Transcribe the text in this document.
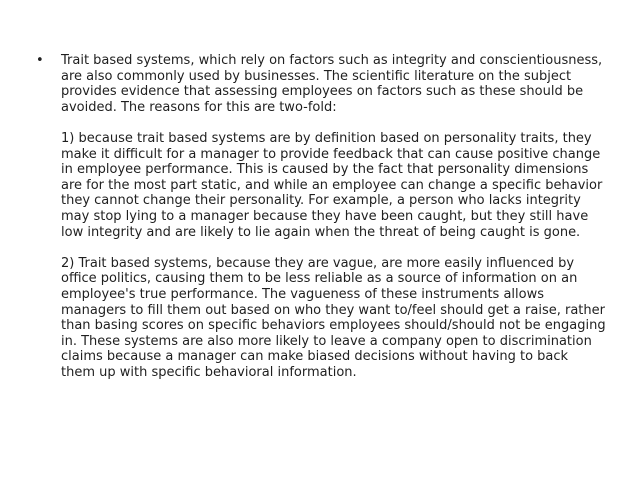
•	Trait based systems, which rely on factors such as integrity and conscientiousness, are also commonly used by businesses. The scientific literature on the subject provides evidence that assessing employees on factors such as these should be avoided. The reasons for this are two-fold:

1) because trait based systems are by definition based on personality traits, they make it difficult for a manager to provide feedback that can cause positive change in employee performance. This is caused by the fact that personality dimensions are for the most part static, and while an employee can change a specific behavior they cannot change their personality. For example, a person who lacks integrity may stop lying to a manager because they have been caught, but they still have low integrity and are likely to lie again when the threat of being caught is gone.

2) Trait based systems, because they are vague, are more easily influenced by office politics, causing them to be less reliable as a source of information on an employee's true performance. The vagueness of these instruments allows managers to fill them out based on who they want to/feel should get a raise, rather than basing scores on specific behaviors employees should/should not be engaging in. These systems are also more likely to leave a company open to discrimination claims because a manager can make biased decisions without having to back them up with specific behavioral information.
